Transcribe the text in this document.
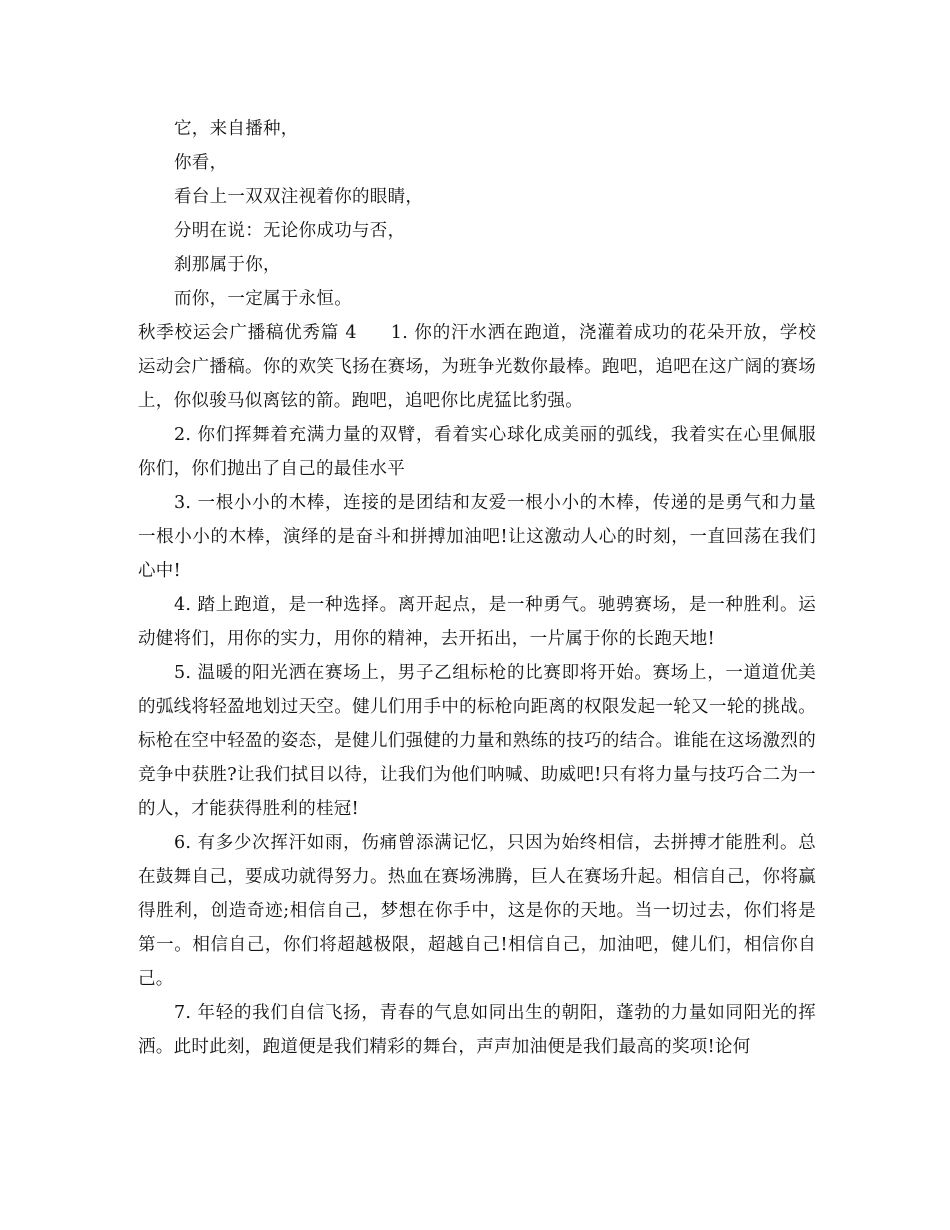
它，来自播种，

你看，

看台上一双双注视着你的眼睛，

分明在说：无论你成功与否，

刹那属于你，

而你，一定属于永恒。

秋季校运会广播稿优秀篇 4 1. 你的汗水洒在跑道，浇灌着成功的花朵开放，学校运动会广播稿。你的欢笑飞扬在赛场，为班争光数你最棒。跑吧，追吧在这广阔的赛场上，你似骏马似离铉的箭。跑吧，追吧你比虎猛比豹强。

2. 你们挥舞着充满力量的双臂，看着实心球化成美丽的弧线，我着实在心里佩服你们，你们抛出了自己的最佳水平

3. 一根小小的木棒，连接的是团结和友爱一根小小的木棒，传递的是勇气和力量一根小小的木棒，演绎的是奋斗和拼搏加油吧!让这激动人心的时刻，一直回荡在我们心中!

4. 踏上跑道，是一种选择。离开起点，是一种勇气。驰骋赛场，是一种胜利。运动健将们，用你的实力，用你的精神，去开拓出，一片属于你的长跑天地!

5. 温暖的阳光洒在赛场上，男子乙组标枪的比赛即将开始。赛场上，一道道优美的弧线将轻盈地划过天空。健儿们用手中的标枪向距离的权限发起一轮又一轮的挑战。标枪在空中轻盈的姿态，是健儿们强健的力量和熟练的技巧的结合。谁能在这场激烈的竞争中获胜?让我们拭目以待，让我们为他们呐喊、助威吧!只有将力量与技巧合二为一的人，才能获得胜利的桂冠!

6. 有多少次挥汗如雨，伤痛曾添满记忆，只因为始终相信，去拼搏才能胜利。总在鼓舞自己，要成功就得努力。热血在赛场沸腾，巨人在赛场升起。相信自己，你将赢得胜利，创造奇迹;相信自己，梦想在你手中，这是你的天地。当一切过去，你们将是第一。相信自己，你们将超越极限，超越自己!相信自己，加油吧，健儿们，相信你自己。

7. 年轻的我们自信飞扬，青春的气息如同出生的朝阳，蓬勃的力量如同阳光的挥洒。此时此刻，跑道便是我们精彩的舞台，声声加油便是我们最高的奖项!论何
